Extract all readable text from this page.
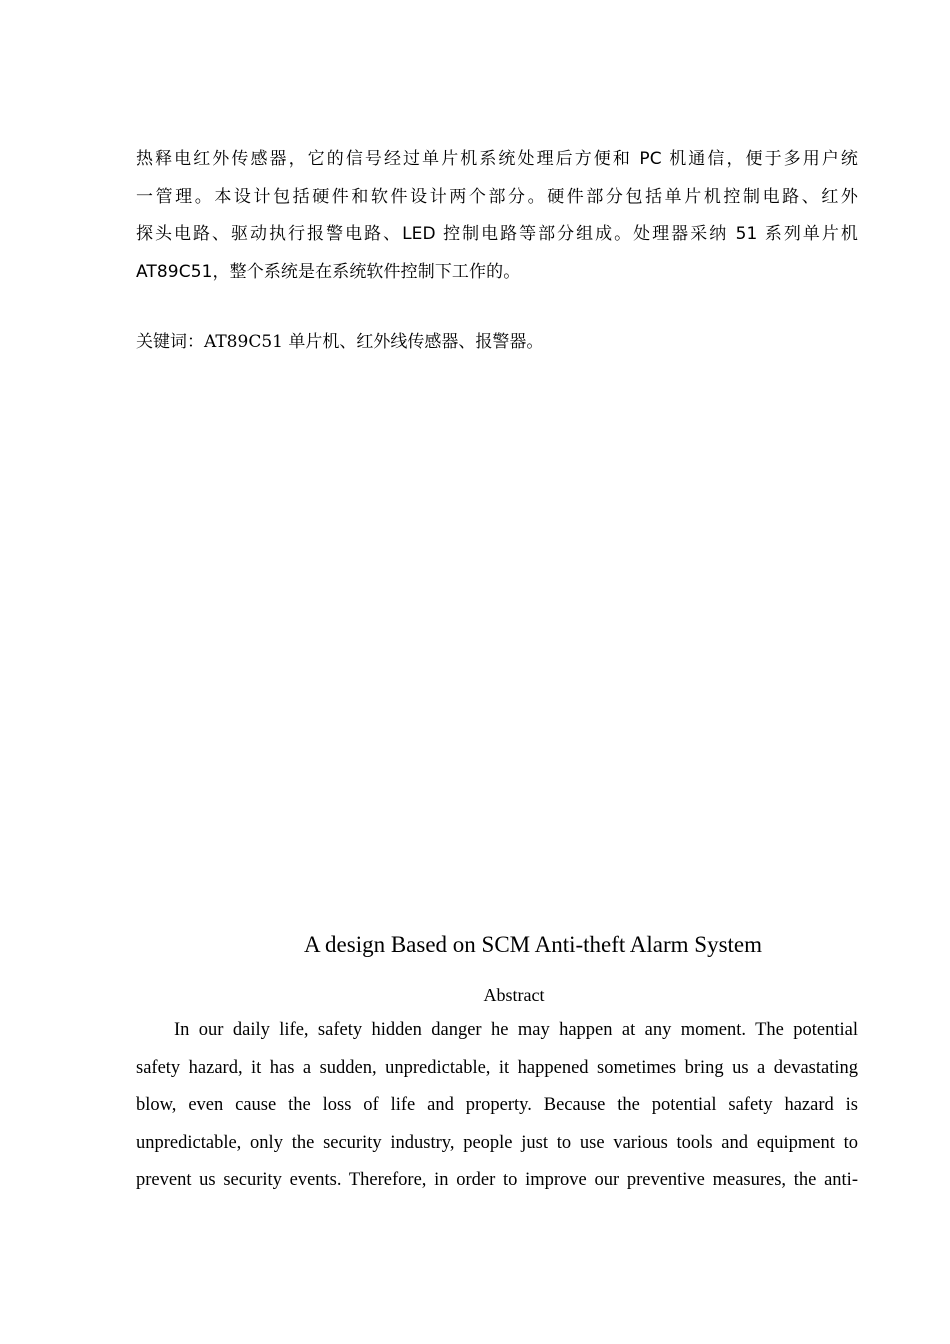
热释电红外传感器，它的信号经过单片机系统处理后方便和 PC 机通信，便于多用户统
一管理。本设计包括硬件和软件设计两个部分。硬件部分包括单片机控制电路、红外
探头电路、驱动执行报警电路、LED 控制电路等部分组成。处理器采纳 51 系列单片机
AT89C51，整个系统是在系统软件控制下工作的。
关键词：AT89C51 单片机、红外线传感器、报警器。
A design Based on SCM Anti-theft Alarm System
Abstract
In our daily life, safety hidden danger he may happen at any moment. The potential
safety hazard, it has a sudden, unpredictable, it happened sometimes bring us a devastating
blow, even cause the loss of life and property. Because the potential safety hazard is
unpredictable, only the security industry, people just to use various tools and equipment to
prevent us security events. Therefore, in order to improve our preventive measures, the anti-
